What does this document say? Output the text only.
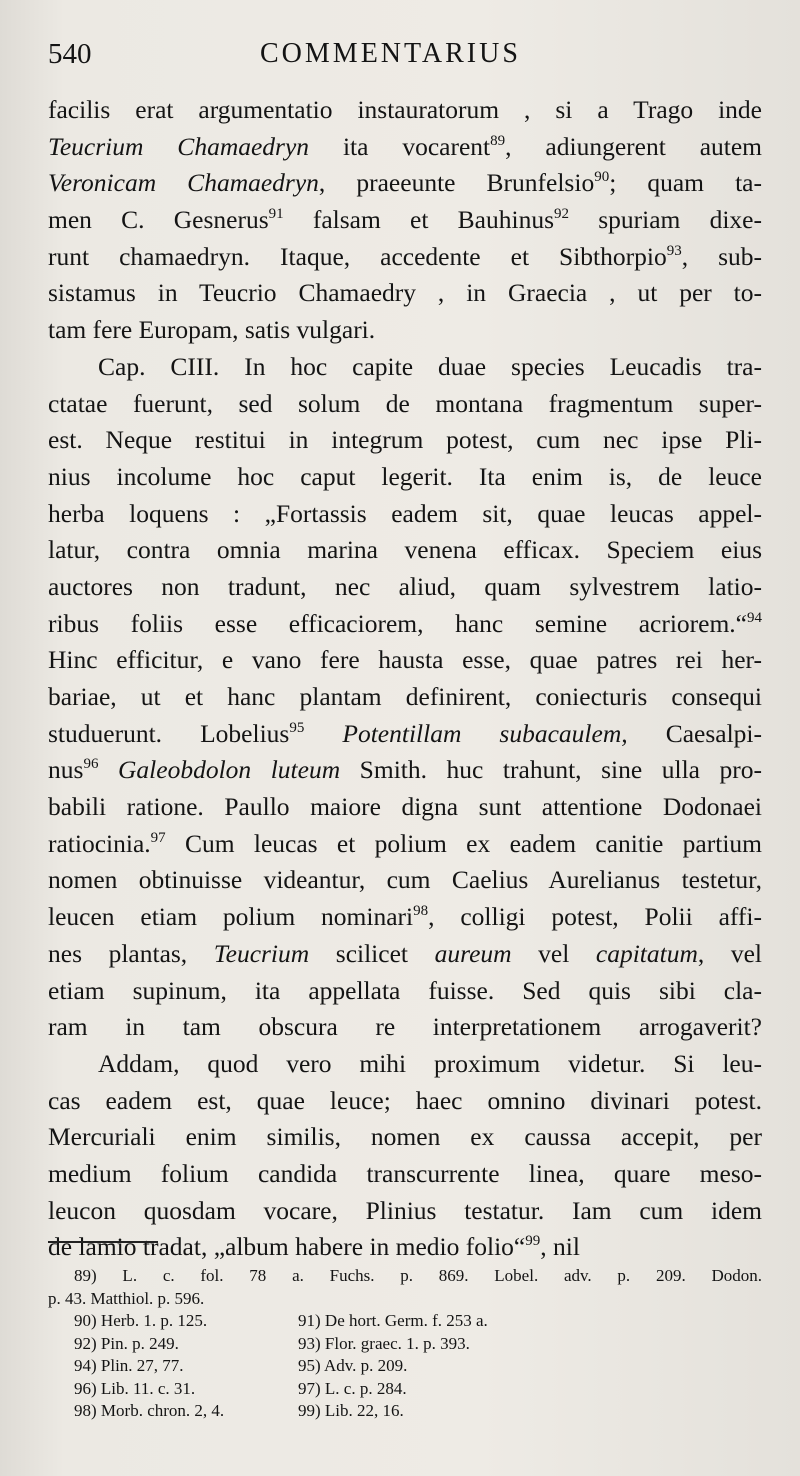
540	COMMENTARIUS
facilis erat argumentatio instauratorum , si a Trago inde
Teucrium Chamaedryn ita vocarent$^{89}$, adiungerent autem
Veronicam Chamaedryn, praeeunte Brunfelsio$^{90}$; quam ta-
men C. Gesnerus$^{91}$ falsam et Bauhinus$^{92}$ spuriam dixe-
runt chamaedryn. Itaque, accedente et Sibthorpio$^{93}$, sub-
sistamus in Teucrio Chamaedry , in Graecia , ut per to-
tam fere Europam, satis vulgari.
Cap. CIII. In hoc capite duae species Leucadis tra-
ctatae fuerunt, sed solum de montana fragmentum super-
est. Neque restitui in integrum potest, cum nec ipse Pli-
nius incolume hoc caput legerit. Ita enim is, de leuce
herba loquens : „Fortassis eadem sit, quae leucas appel-
latur, contra omnia marina venena efficax. Speciem eius
auctores non tradunt, nec aliud, quam sylvestrem latio-
ribus foliis esse efficaciorem, hanc semine acriorem.“$^{94}$
Hinc efficitur, e vano fere hausta esse, quae patres rei her-
bariae, ut et hanc plantam definirent, coniecturis consequi
studuerunt. Lobelius$^{95}$ Potentillam subacaulem, Caesalpi-
nus$^{96}$ Galeobdolon luteum Smith. huc trahunt, sine ulla pro-
babili ratione. Paullo maiore digna sunt attentione Dodonaei
ratiocinia.$^{97}$ Cum leucas et polium ex eadem canitie partium
nomen obtinuisse videantur, cum Caelius Aurelianus testetur,
leucen etiam polium nominari$^{98}$, colligi potest, Polii affi-
nes plantas, Teucrium scilicet aureum vel capitatum, vel
etiam supinum, ita appellata fuisse. Sed quis sibi cla-
ram in tam obscura re interpretationem arrogaverit?
Addam, quod vero mihi proximum videtur. Si leu-
cas eadem est, quae leuce; haec omnino divinari potest.
Mercuriali enim similis, nomen ex caussa accepit, per
medium folium candida transcurrente linea, quare meso-
leucon quosdam vocare, Plinius testatur. Iam cum idem
de lamio tradat, „album habere in medio folio“$^{99}$, nil
89) L. c. fol. 78 a. Fuchs. p. 869. Lobel. adv. p. 209. Dodon.
p. 43. Matthiol. p. 596.
90) Herb. 1. p. 125.	91) De hort. Germ. f. 253 a.
92) Pin. p. 249.	93) Flor. graec. 1. p. 393.
94) Plin. 27, 77.	95) Adv. p. 209.
96) Lib. 11. c. 31.	97) L. c. p. 284.
98) Morb. chron. 2, 4.	99) Lib. 22, 16.
